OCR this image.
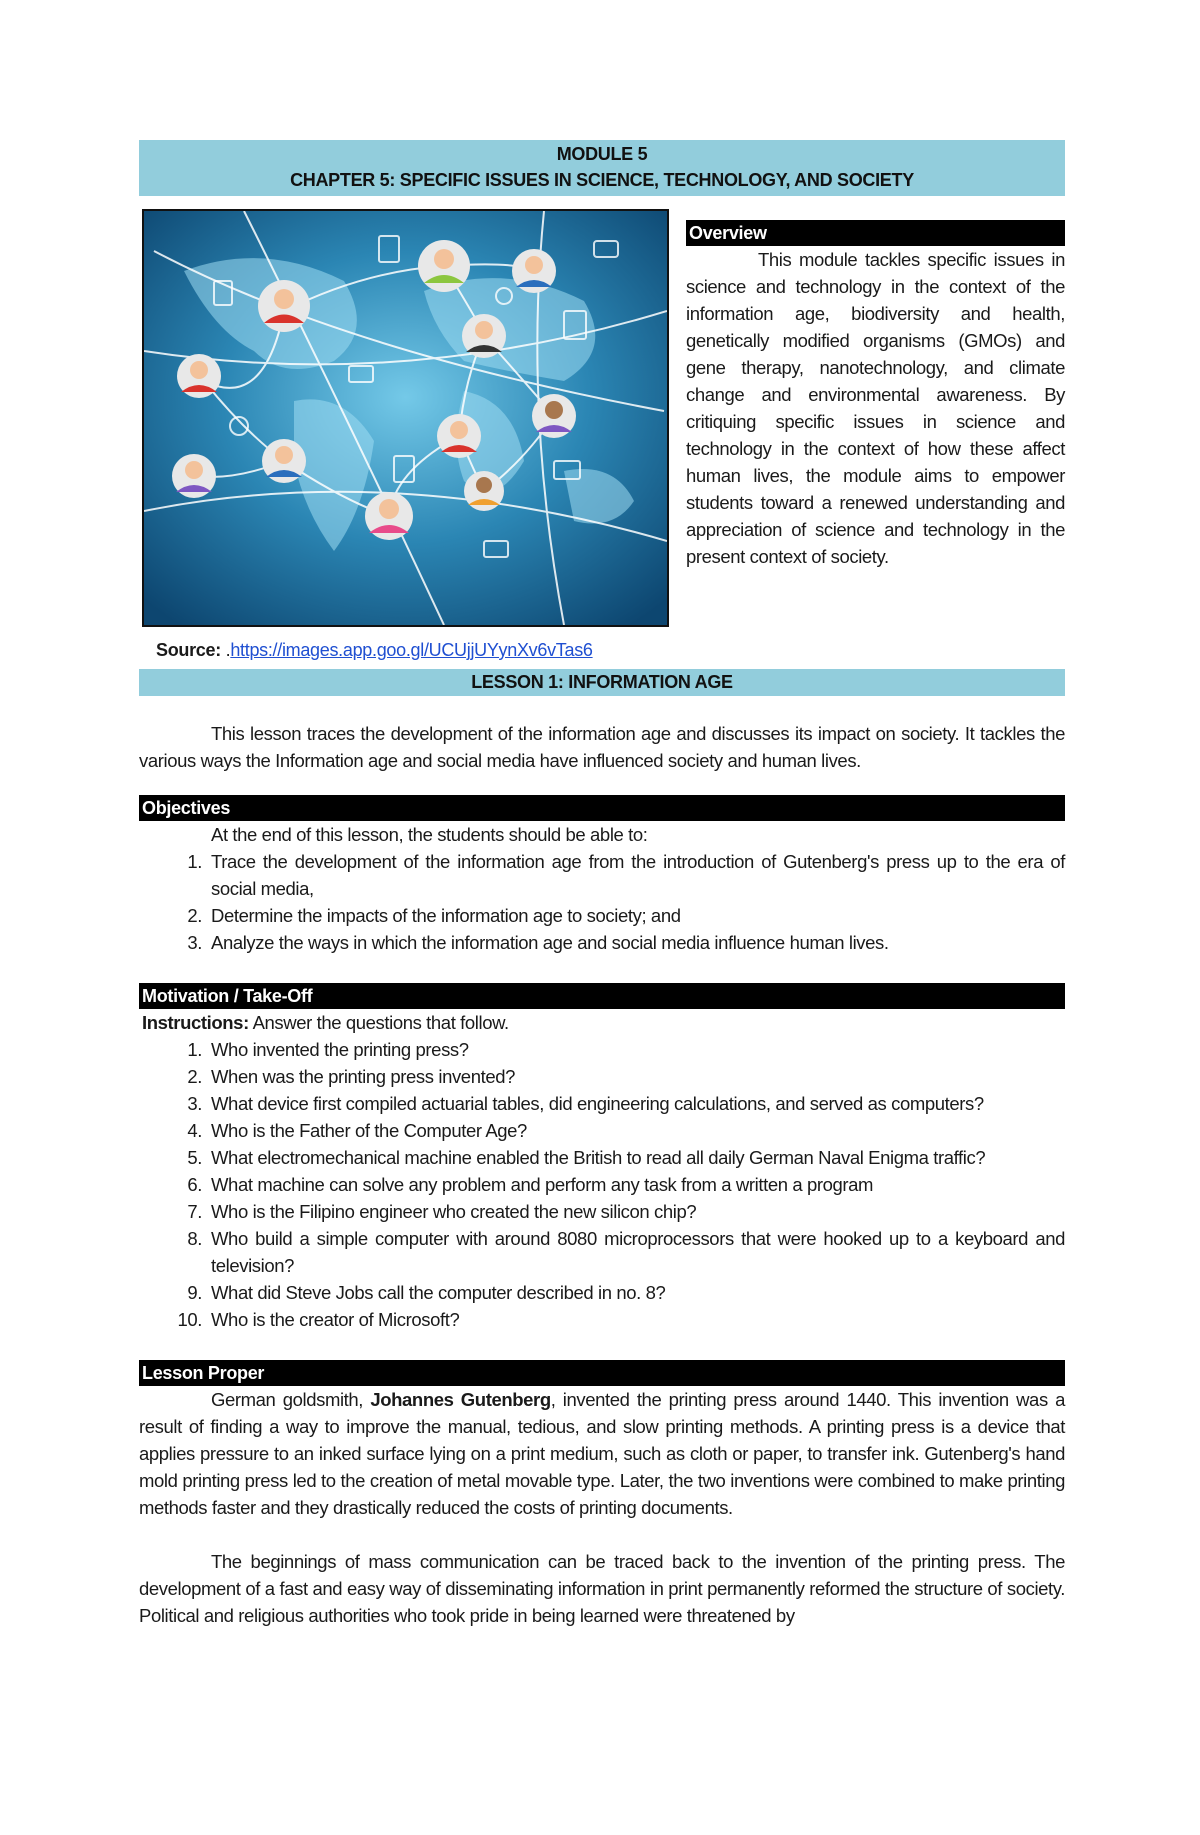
MODULE 5
CHAPTER 5: SPECIFIC ISSUES IN SCIENCE, TECHNOLOGY, AND SOCIETY
Overview

This module tackles specific issues in science and technology in the context of the information age, biodiversity and health, genetically modified organisms (GMOs) and gene therapy, nanotechnology, and climate change and environmental awareness. By critiquing specific issues in science and technology in the context of how these affect human lives, the module aims to empower students toward a renewed understanding and appreciation of science and technology in the present context of society.

Source: .https://images.app.goo.gl/UCUjjUYynXv6vTas6
LESSON 1: INFORMATION AGE

This lesson traces the development of the information age and discusses its impact on society. It tackles the various ways the Information age and social media have influenced society and human lives.

Objectives

At the end of this lesson, the students should be able to:

1. Trace the development of the information age from the introduction of Gutenberg's press up to the era of social media,
2. Determine the impacts of the information age to society; and
3. Analyze the ways in which the information age and social media influence human lives.
Motivation / Take-Off

Instructions: Answer the questions that follow.

1. Who invented the printing press?
2. When was the printing press invented?
3. What device first compiled actuarial tables, did engineering calculations, and served as computers?
4. Who is the Father of the Computer Age?
5. What electromechanical machine enabled the British to read all daily German Naval Enigma traffic?
6. What machine can solve any problem and perform any task from a written a program
7. Who is the Filipino engineer who created the new silicon chip?
8. Who build a simple computer with around 8080 microprocessors that were hooked up to a keyboard and television?
9. What did Steve Jobs call the computer described in no. 8?
10. Who is the creator of Microsoft?
Lesson Proper

German goldsmith, Johannes Gutenberg, invented the printing press around 1440. This invention was a result of finding a way to improve the manual, tedious, and slow printing methods. A printing press is a device that applies pressure to an inked surface lying on a print medium, such as cloth or paper, to transfer ink. Gutenberg's hand mold printing press led to the creation of metal movable type. Later, the two inventions were combined to make printing methods faster and they drastically reduced the costs of printing documents.

The beginnings of mass communication can be traced back to the invention of the printing press. The development of a fast and easy way of disseminating information in print permanently reformed the structure of society. Political and religious authorities who took pride in being learned were threatened by
